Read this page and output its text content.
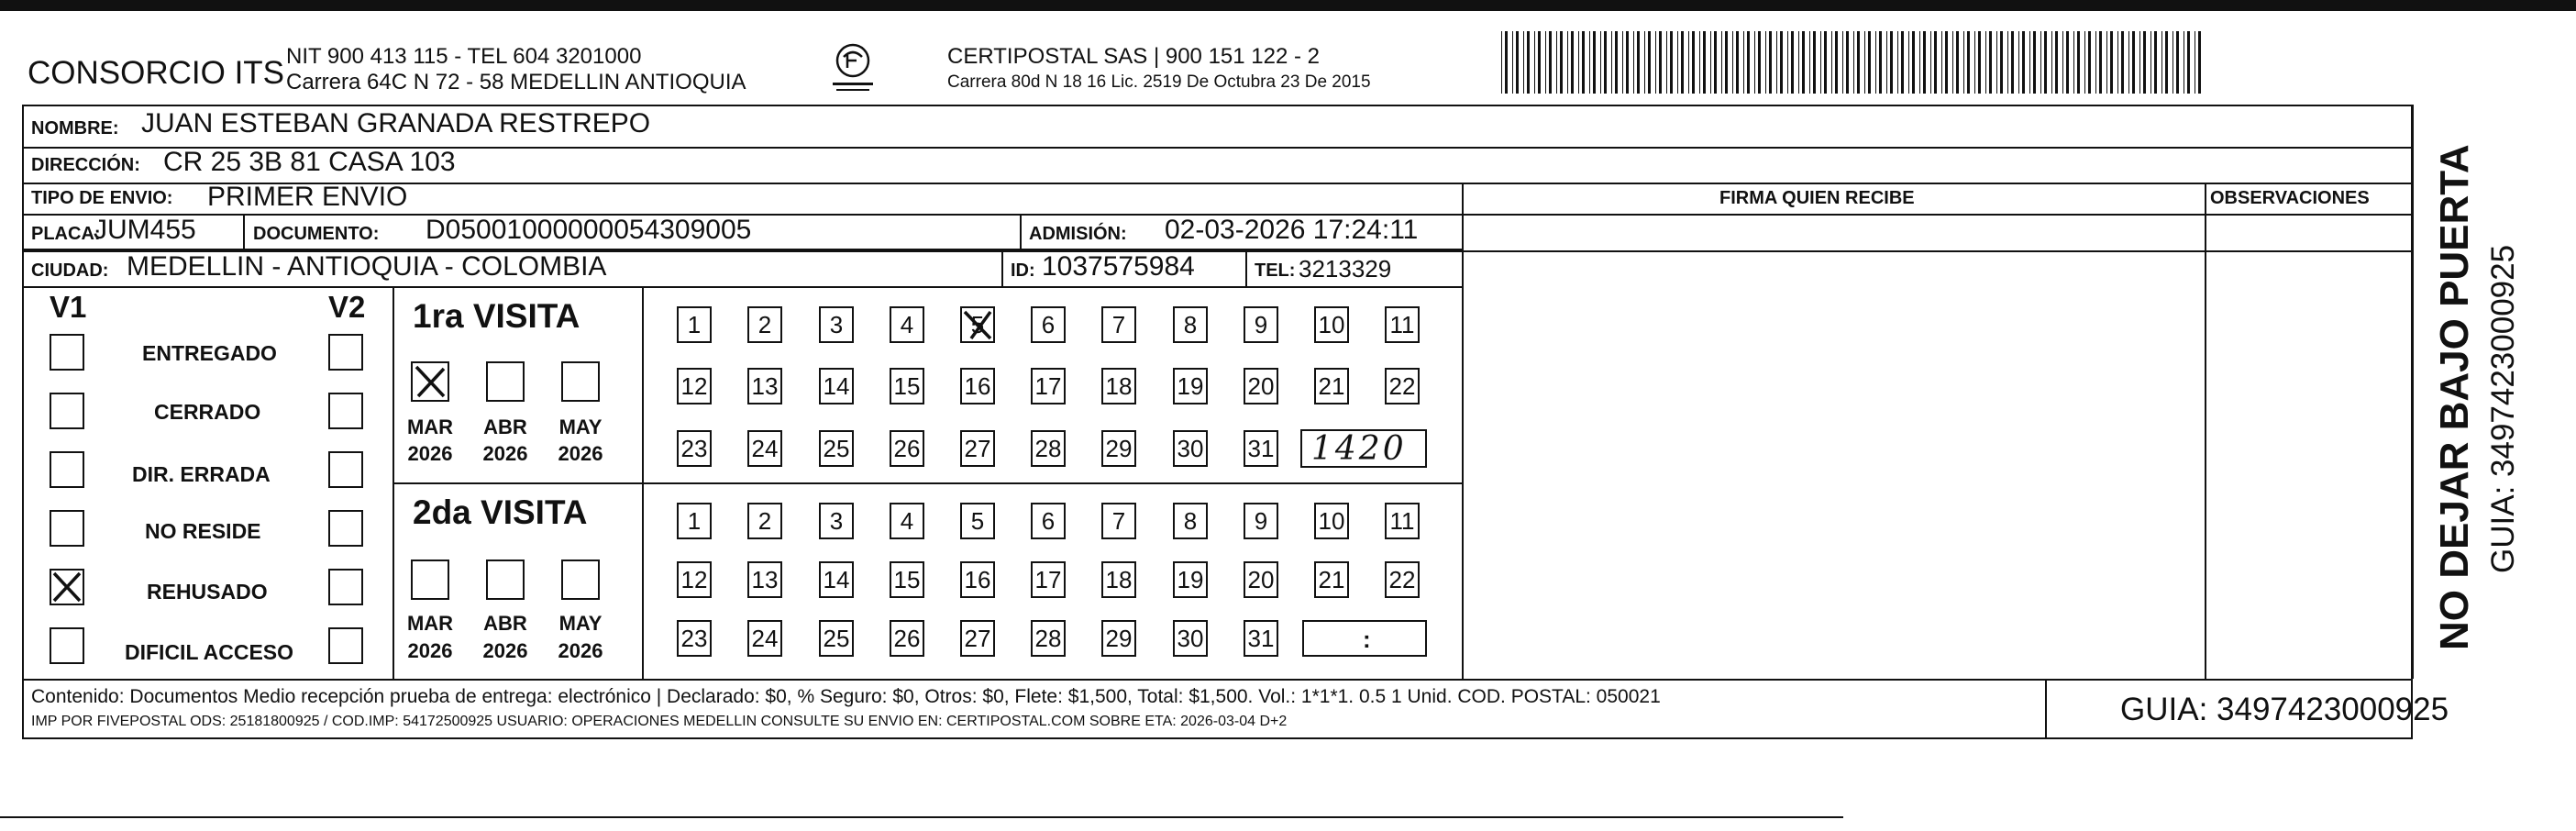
CONSORCIO ITS NIT 900 413 115 - TEL 604 3201000
Carrera 64C N 72 - 58 MEDELLIN ANTIOQUIA
CERTIPOSTAL SAS | 900 151 122 - 2
Carrera 80d N 18 16 Lic. 2519 De Octubra 23 De 2015
NOMBRE: JUAN ESTEBAN GRANADA RESTREPO
DIRECCIÓN: CR 25 3B 81 CASA 103
TIPO DE ENVIO: PRIMER ENVIO	FIRMA QUIEN RECIBE	OBSERVACIONES
PLACA:
JUM455	DOCUMENTO: D05001000000054309005	ADMISIÓN: 02-03-2026 17:24:11
CIUDAD: MEDELLIN - ANTIOQUIA - COLOMBIA	ID: 1037575984	TEL: 3213329
V1	V2
ENTREGADO
CERRADO
DIR. ERRADA
NO RESIDE
REHUSADO
DIFICIL ACCESO
1ra VISITA
MAR ABR MAY
2026 2026 2026
1 2 3 4 5 6 7 8 9 10 11
12 13 14 15 16 17 18 19 20 21 22
23 24 25 26 27 28 29 30 31 1420
2da VISITA
MAR ABR MAY
2026 2026 2026
1 2 3 4 5 6 7 8 9 10 11
12 13 14 15 16 17 18 19 20 21 22
23 24 25 26 27 28 29 30 31	:
Contenido: Documentos Medio recepción prueba de entrega: electrónico | Declarado: $0, % Seguro: $0, Otros: $0, Flete: $1,500, Total: $1,500. Vol.: 1*1*1. 0.5 1 Unid. COD. POSTAL: 050021
IMP POR FIVEPOSTAL ODS: 25181800925 / COD.IMP: 54172500925 USUARIO: OPERACIONES MEDELLIN CONSULTE SU ENVIO EN: CERTIPOSTAL.COM SOBRE ETA: 2026-03-04 D+2	GUIA: 3497423000925
NO DEJAR BAJO PUERTA GUIA: 3497423000925
